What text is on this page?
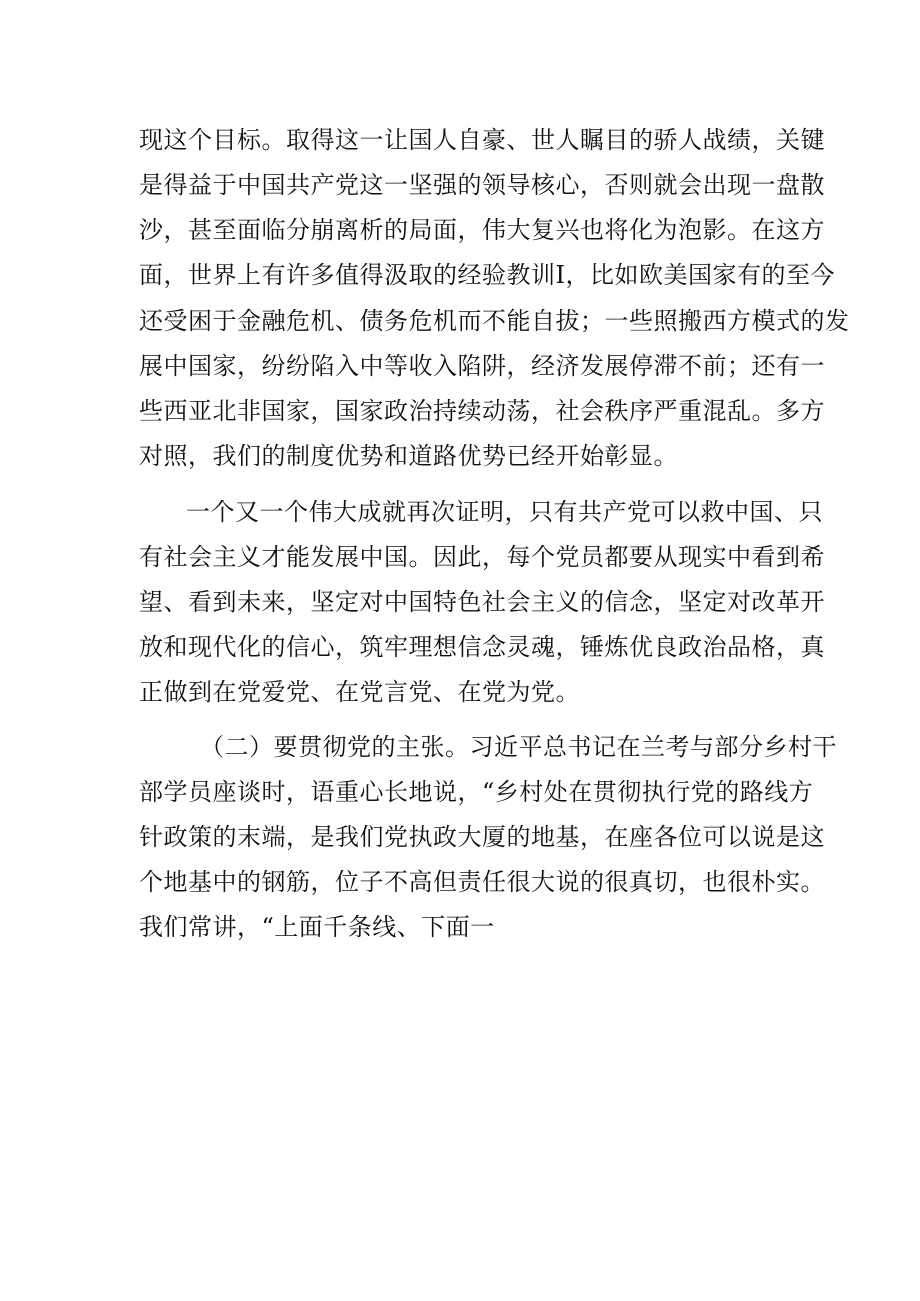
现这个目标。取得这一让国人自豪、世人瞩目的骄人战绩，关键
是得益于中国共产党这一坚强的领导核心，否则就会出现一盘散
沙，甚至面临分崩离析的局面，伟大复兴也将化为泡影。在这方
面，世界上有许多值得汲取的经验教训I，比如欧美国家有的至今
还受困于金融危机、债务危机而不能自拔；一些照搬西方模式的发
展中国家，纷纷陷入中等收入陷阱，经济发展停滞不前；还有一
些西亚北非国家，国家政治持续动荡，社会秩序严重混乱。多方
对照，我们的制度优势和道路优势已经开始彰显。
一个又一个伟大成就再次证明，只有共产党可以救中国、只
有社会主义才能发展中国。因此，每个党员都要从现实中看到希
望、看到未来，坚定对中国特色社会主义的信念，坚定对改革开
放和现代化的信心，筑牢理想信念灵魂，锤炼优良政治品格，真
正做到在党爱党、在党言党、在党为党。
（二）要贯彻党的主张。习近平总书记在兰考与部分乡村干
部学员座谈时，语重心长地说，“乡村处在贯彻执行党的路线方
针政策的末端，是我们党执政大厦的地基，在座各位可以说是这
个地基中的钢筋，位子不高但责任很大说的很真切，也很朴实。
我们常讲，“上面千条线、下面一
